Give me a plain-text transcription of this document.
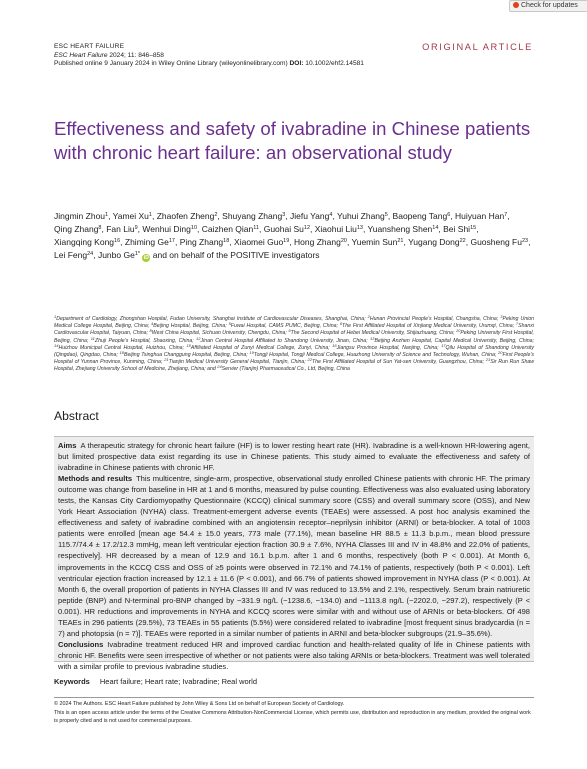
Check for updates
ESC HEART FAILURE
ESC Heart Failure 2024; 11: 846–858
Published online 9 January 2024 in Wiley Online Library (wileyonlinelibrary.com) DOI: 10.1002/ehf2.14581
ORIGINAL ARTICLE
Effectiveness and safety of ivabradine in Chinese patients with chronic heart failure: an observational study
Jingmin Zhou$^1$, Yamei Xu$^1$, Zhaofen Zheng$^2$, Shuyang Zhang$^3$, Jiefu Yang$^4$, Yuhui Zhang$^5$, Baopeng Tang$^6$, Huiyuan Han$^7$, Qing Zhang$^8$, Fan Liu$^9$, Wenhui Ding$^{10}$, Caizhen Qian$^{11}$, Guohai Su$^{12}$, Xiaohui Liu$^{13}$, Yuansheng Shen$^{14}$, Bei Shi$^{15}$, Xiangqing Kong$^{16}$, Zhiming Ge$^{17}$, Ping Zhang$^{18}$, Xiaomei Guo$^{19}$, Hong Zhang$^{20}$, Yuemin Sun$^{21}$, Yugang Dong$^{22}$, Guosheng Fu$^{23}$, Lei Feng$^{24}$, Junbo $Ge^{1*}$ iD and on behalf of the POSITIVE investigators
$^1$Department of Cardiology, Zhongshan Hospital, Fudan University, Shanghai Institute of Cardiovascular Diseases, Shanghai, China; $^2$Hunan Provincial People’s Hospital, Changsha, China; $^3$Peking Union Medical College Hospital, Beijing, China; $^4$Beijing Hospital, Beijing, China; $^5$Fuwai Hospital, CAMS PUMC, Beijing, China; $^6$The First Affiliated Hospital of Xinjiang Medical University, Urumqi, China; $^7$Shanxi Cardiovascular Hospital, Taiyuan, China; $^8$West China Hospital, Sichuan University, Chengdu, China; $^9$The Second Hospital of Hebei Medical University, Shijiazhuang, China; $^{10}$Peking University First Hospital, Beijing, China; $^{11}$Zhuji People’s Hospital, Shaoxing, China; $^{12}$Jinan Central Hospital Affiliated to Shandong University, Jinan, China; $^{13}$Beijing Anzhen Hospital, Capital Medical University, Beijing, China; $^{14}$Huizhou Municipal Central Hospital, Huizhou, China; $^{15}$Affiliated Hospital of Zunyi Medical College, Zunyi, China; $^{16}$Jiangsu Province Hospital, Nanjing, China; $^{17}$Qilu Hospital of Shandong University (Qingdao), Qingdao, China; $^{18}$Beijing Tsinghua Changgung Hospital, Beijing, China; $^{19}$Tongji Hospital, Tongji Medical College, Huazhong University of Science and Technology, Wuhan, China; $^{20}$First People’s Hospital of Yunnan Province, Kunming, China; $^{21}$Tianjin Medical University General Hospital, Tianjin, China; $^{22}$The First Affiliated Hospital of Sun Yat-sen University, Guangzhou, China; $^{23}$Sir Run Run Shaw Hospital, Zhejiang University School of Medicine, Zhejiang, China; and $^{24}$Servier (Tianjin) Pharmaceutical Co., Ltd, Beijing, China
Abstract

Aims A therapeutic strategy for chronic heart failure (HF) is to lower resting heart rate (HR). Ivabradine is a well-known HR-lowering agent, but limited prospective data exist regarding its use in Chinese patients. This study aimed to evaluate the effectiveness and safety of ivabradine in Chinese patients with chronic HF.

Methods and results This multicentre, single-arm, prospective, observational study enrolled Chinese patients with chronic HF. The primary outcome was change from baseline in HR at 1 and 6 months, measured by pulse counting. Effectiveness was also evaluated using laboratory tests, the Kansas City Cardiomyopathy Questionnaire (KCCQ) clinical summary score (CSS) and overall summary score (OSS), and New York Heart Association (NYHA) class. Treatment-emergent adverse events (TEAEs) were assessed. A post hoc analysis examined the effectiveness and safety of ivabradine combined with an angiotensin receptor–neprilysin inhibitor (ARNI) or beta-blocker. A total of 1003 patients were enrolled [mean age 54.4 ± 15.0 years, 773 male (77.1%), mean baseline HR 88.5 ± 11.3 b.p.m., mean blood pressure 115.7/74.4 ± 17.2/12.3 mmHg, mean left ventricular ejection fraction 30.9 ± 7.6%, NYHA Classes III and IV in 48.8% and 22.0% of patients, respectively]. HR decreased by a mean of 12.9 and 16.1 b.p.m. after 1 and 6 months, respectively (both P < 0.001). At Month 6, improvements in the KCCQ CSS and OSS of ≥5 points were observed in 72.1% and 74.1% of patients, respectively (both P < 0.001). Left ventricular ejection fraction increased by 12.1 ± 11.6 (P < 0.001), and 66.7% of patients showed improvement in NYHA class (P < 0.001). At Month 6, the overall proportion of patients in NYHA Classes III and IV was reduced to 13.5% and 2.1%, respectively. Serum brain natriuretic peptide (BNP) and N-terminal pro-BNP changed by −331.9 ng/L (−1238.6, −134.0) and −1113.8 ng/L (−2202.0, −297.2), respectively (P < 0.001). HR reductions and improvements in NYHA and KCCQ scores were similar with and without use of ARNIs or beta-blockers. Of 498 TEAEs in 296 patients (29.5%), 73 TEAEs in 55 patients (5.5%) were considered related to ivabradine [most frequent sinus bradycardia (n = 7) and photopsia (n = 7)]. TEAEs were reported in a similar number of patients in ARNI and beta-blocker subgroups (21.9–35.6%).

Conclusions Ivabradine treatment reduced HR and improved cardiac function and health-related quality of life in Chinese patients with chronic HF. Benefits were seen irrespective of whether or not patients were also taking ARNIs or beta-blockers. Treatment was well tolerated with a similar profile to previous ivabradine studies.

Keywords Heart failure; Heart rate; Ivabradine; Real world

© 2024 The Authors. ESC Heart Failure published by John Wiley & Sons Ltd on behalf of European Society of Cardiology.

This is an open access article under the terms of the Creative Commons Attribution-NonCommercial License, which permits use, distribution and reproduction in any medium, provided the original work is properly cited and is not used for commercial purposes.
